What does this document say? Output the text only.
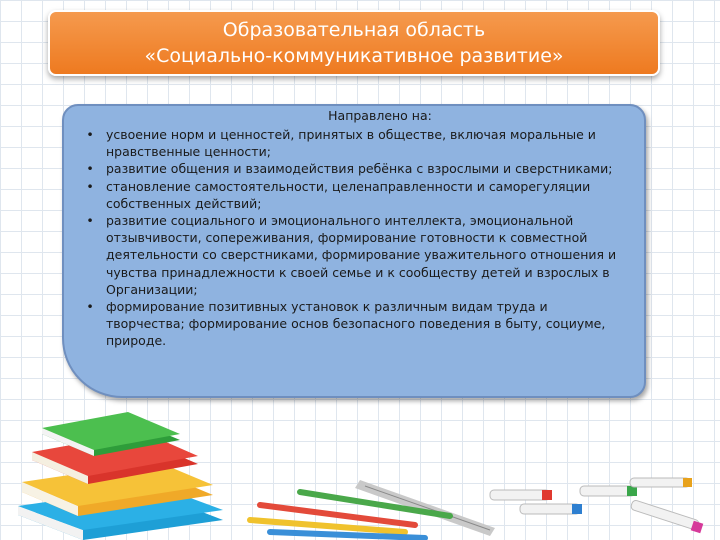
Образовательная область
«Социально-коммуникативное развитие»
Направлено на:
• усвоение норм и ценностей, принятых в обществе, включая моральные и нравственные ценности;
• развитие общения и взаимодействия ребёнка с взрослыми и сверстниками;
• становление самостоятельности, целенаправленности и саморегуляции собственных действий;
• развитие социального и эмоционального интеллекта, эмоциональной отзывчивости, сопереживания, формирование готовности к совместной деятельности со сверстниками, формирование уважительного отношения и чувства принадлежности к своей семье и к сообществу детей и взрослых в Организации;
• формирование позитивных установок к различным видам труда и творчества; формирование основ безопасного поведения в быту, социуме, природе.
